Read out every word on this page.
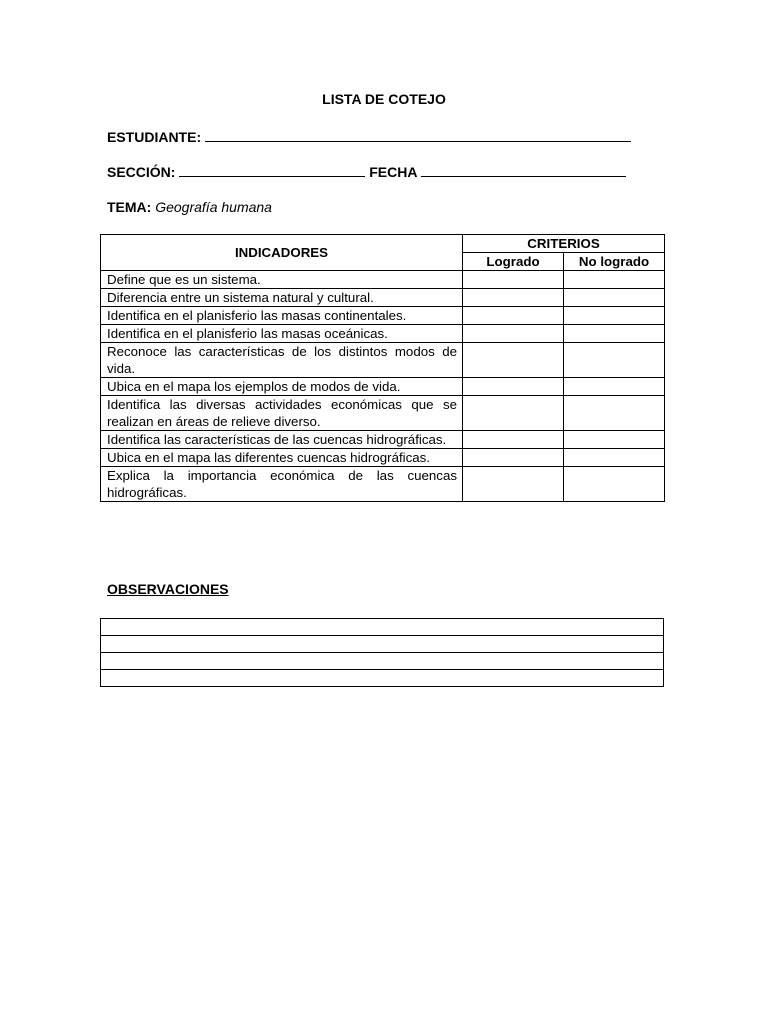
LISTA DE COTEJO
ESTUDIANTE:
SECCIÓN:	FECHA
TEMA: Geografía humana
INDICADORES	CRITERIOS	
	Logrado	No logrado
Define que es un sistema.		
Diferencia entre un sistema natural y cultural.		
Identifica en el planisferio las masas continentales.		
Identifica en el planisferio las masas oceánicas.		
Reconoce las características de los distintos modos de vida.		
Ubica en el mapa los ejemplos de modos de vida.		
Identifica las diversas actividades económicas que se realizan en áreas de relieve diverso.		
Identifica las características de las cuencas hidrográficas.		
Ubica en el mapa las diferentes cuencas hidrográficas.		
Explica la importancia económica de las cuencas hidrográficas.		
OBSERVACIONES
